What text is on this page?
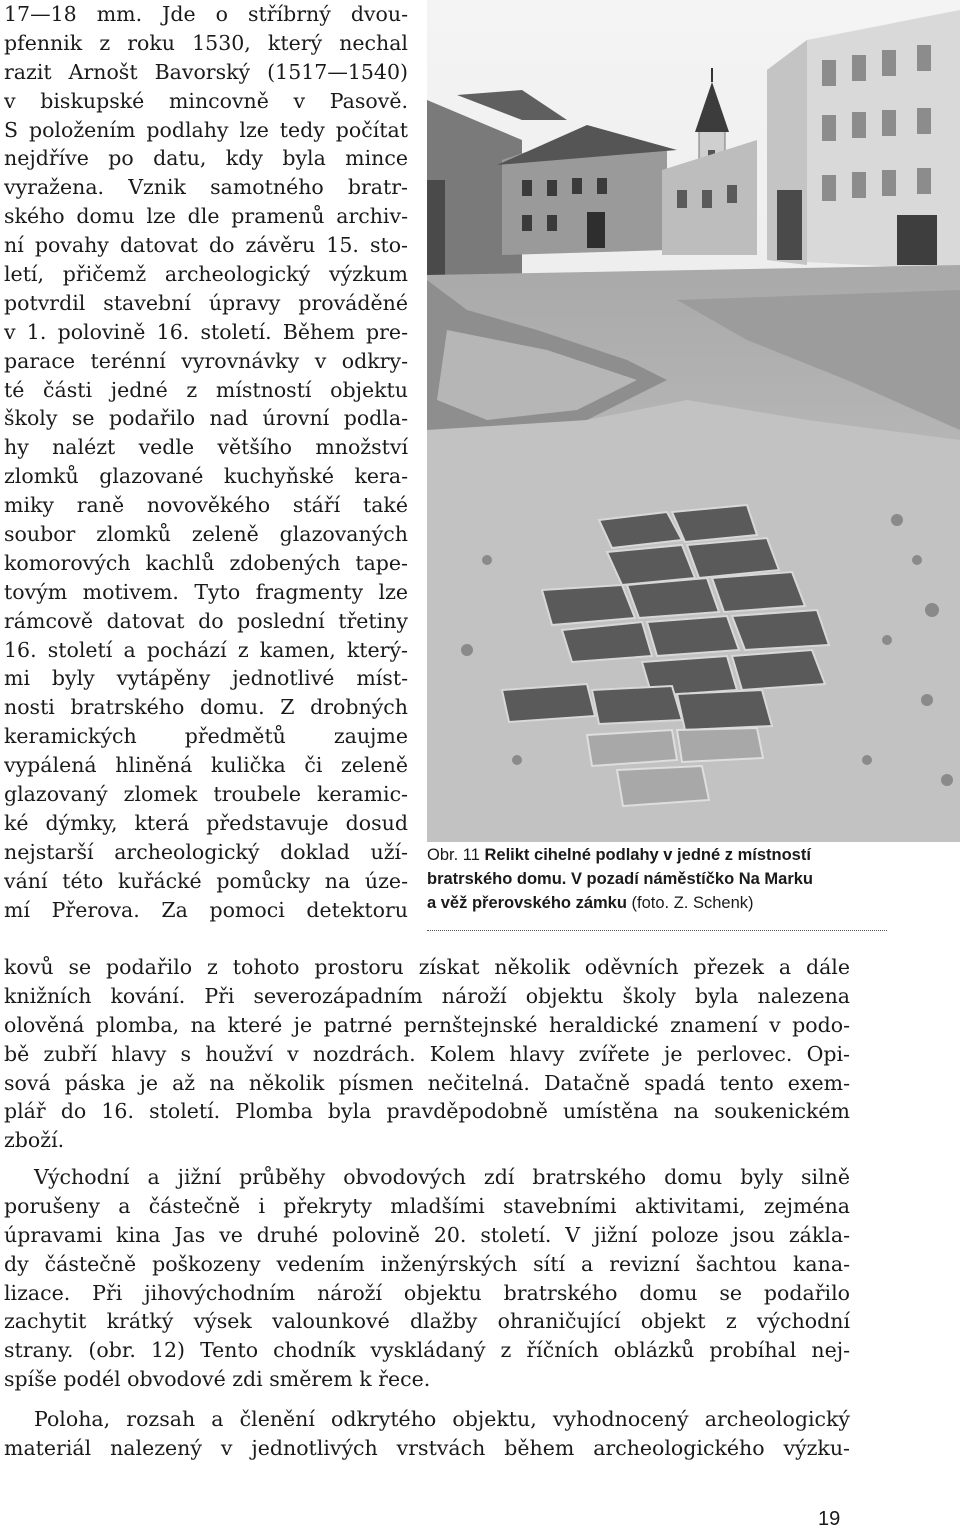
17—18 mm. Jde o stříbrný dvou-
pfennik z roku 1530, který nechal
razit Arnošt Bavorský (1517—1540)
v biskupské mincovně v Pasově.
S položením podlahy lze tedy počítat
nejdříve po datu, kdy byla mince
vyražena. Vznik samotného bratr-
ského domu lze dle pramenů archiv-
ní povahy datovat do závěru 15. sto-
letí, přičemž archeologický výzkum
potvrdil stavební úpravy prováděné
v 1. polovině 16. století. Během pre-
parace terénní vyrovnávky v odkry-
té části jedné z místností objektu
školy se podařilo nad úrovní podla-
hy nalézt vedle většího množství
zlomků glazované kuchyňské kera-
miky raně novověkého stáří také
soubor zlomků zeleně glazovaných
komorových kachlů zdobených tape-
tovým motivem. Tyto fragmenty lze
rámcově datovat do poslední třetiny
16. století a pochází z kamen, který-
mi byly vytápěny jednotlivé míst-
nosti bratrského domu. Z drobných
keramických předmětů zaujme
vypálená hliněná kulička či zeleně
glazovaný zlomek troubele keramic-
ké dýmky, která představuje dosud
nejstarší archeologický doklad uží-
vání této kuřácké pomůcky na úze-
mí Přerova. Za pomoci detektoru
Obr. 11 Relikt cihelné podlahy v jedné z místností
bratrského domu. V pozadí náměstíčko Na Marku
a věž přerovského zámku (foto. Z. Schenk)
kovů se podařilo z tohoto prostoru získat několik oděvních přezek a dále
knižních kování. Při severozápadním nároží objektu školy byla nalezena
olověná plomba, na které je patrné pernštejnské heraldické znamení v podo-
bě zubří hlavy s houžví v nozdrách. Kolem hlavy zvířete je perlovec. Opi-
sová páska je až na několik písmen nečitelná. Datačně spadá tento exem-
plář do 16. století. Plomba byla pravděpodobně umístěna na soukenickém
zboží.
Východní a jižní průběhy obvodových zdí bratrského domu byly silně
porušeny a částečně i překryty mladšími stavebními aktivitami, zejména
úpravami kina Jas ve druhé polovině 20. století. V jižní poloze jsou zákla-
dy částečně poškozeny vedením inženýrských sítí a revizní šachtou kana-
lizace. Při jihovýchodním nároží objektu bratrského domu se podařilo
zachytit krátký výsek valounkové dlažby ohraničující objekt z východní
strany. (obr. 12) Tento chodník vyskládaný z říčních oblázků probíhal nej-
spíše podél obvodové zdi směrem k řece.
Poloha, rozsah a členění odkrytého objektu, vyhodnocený archeologický
materiál nalezený v jednotlivých vrstvách během archeologického výzku-
19
